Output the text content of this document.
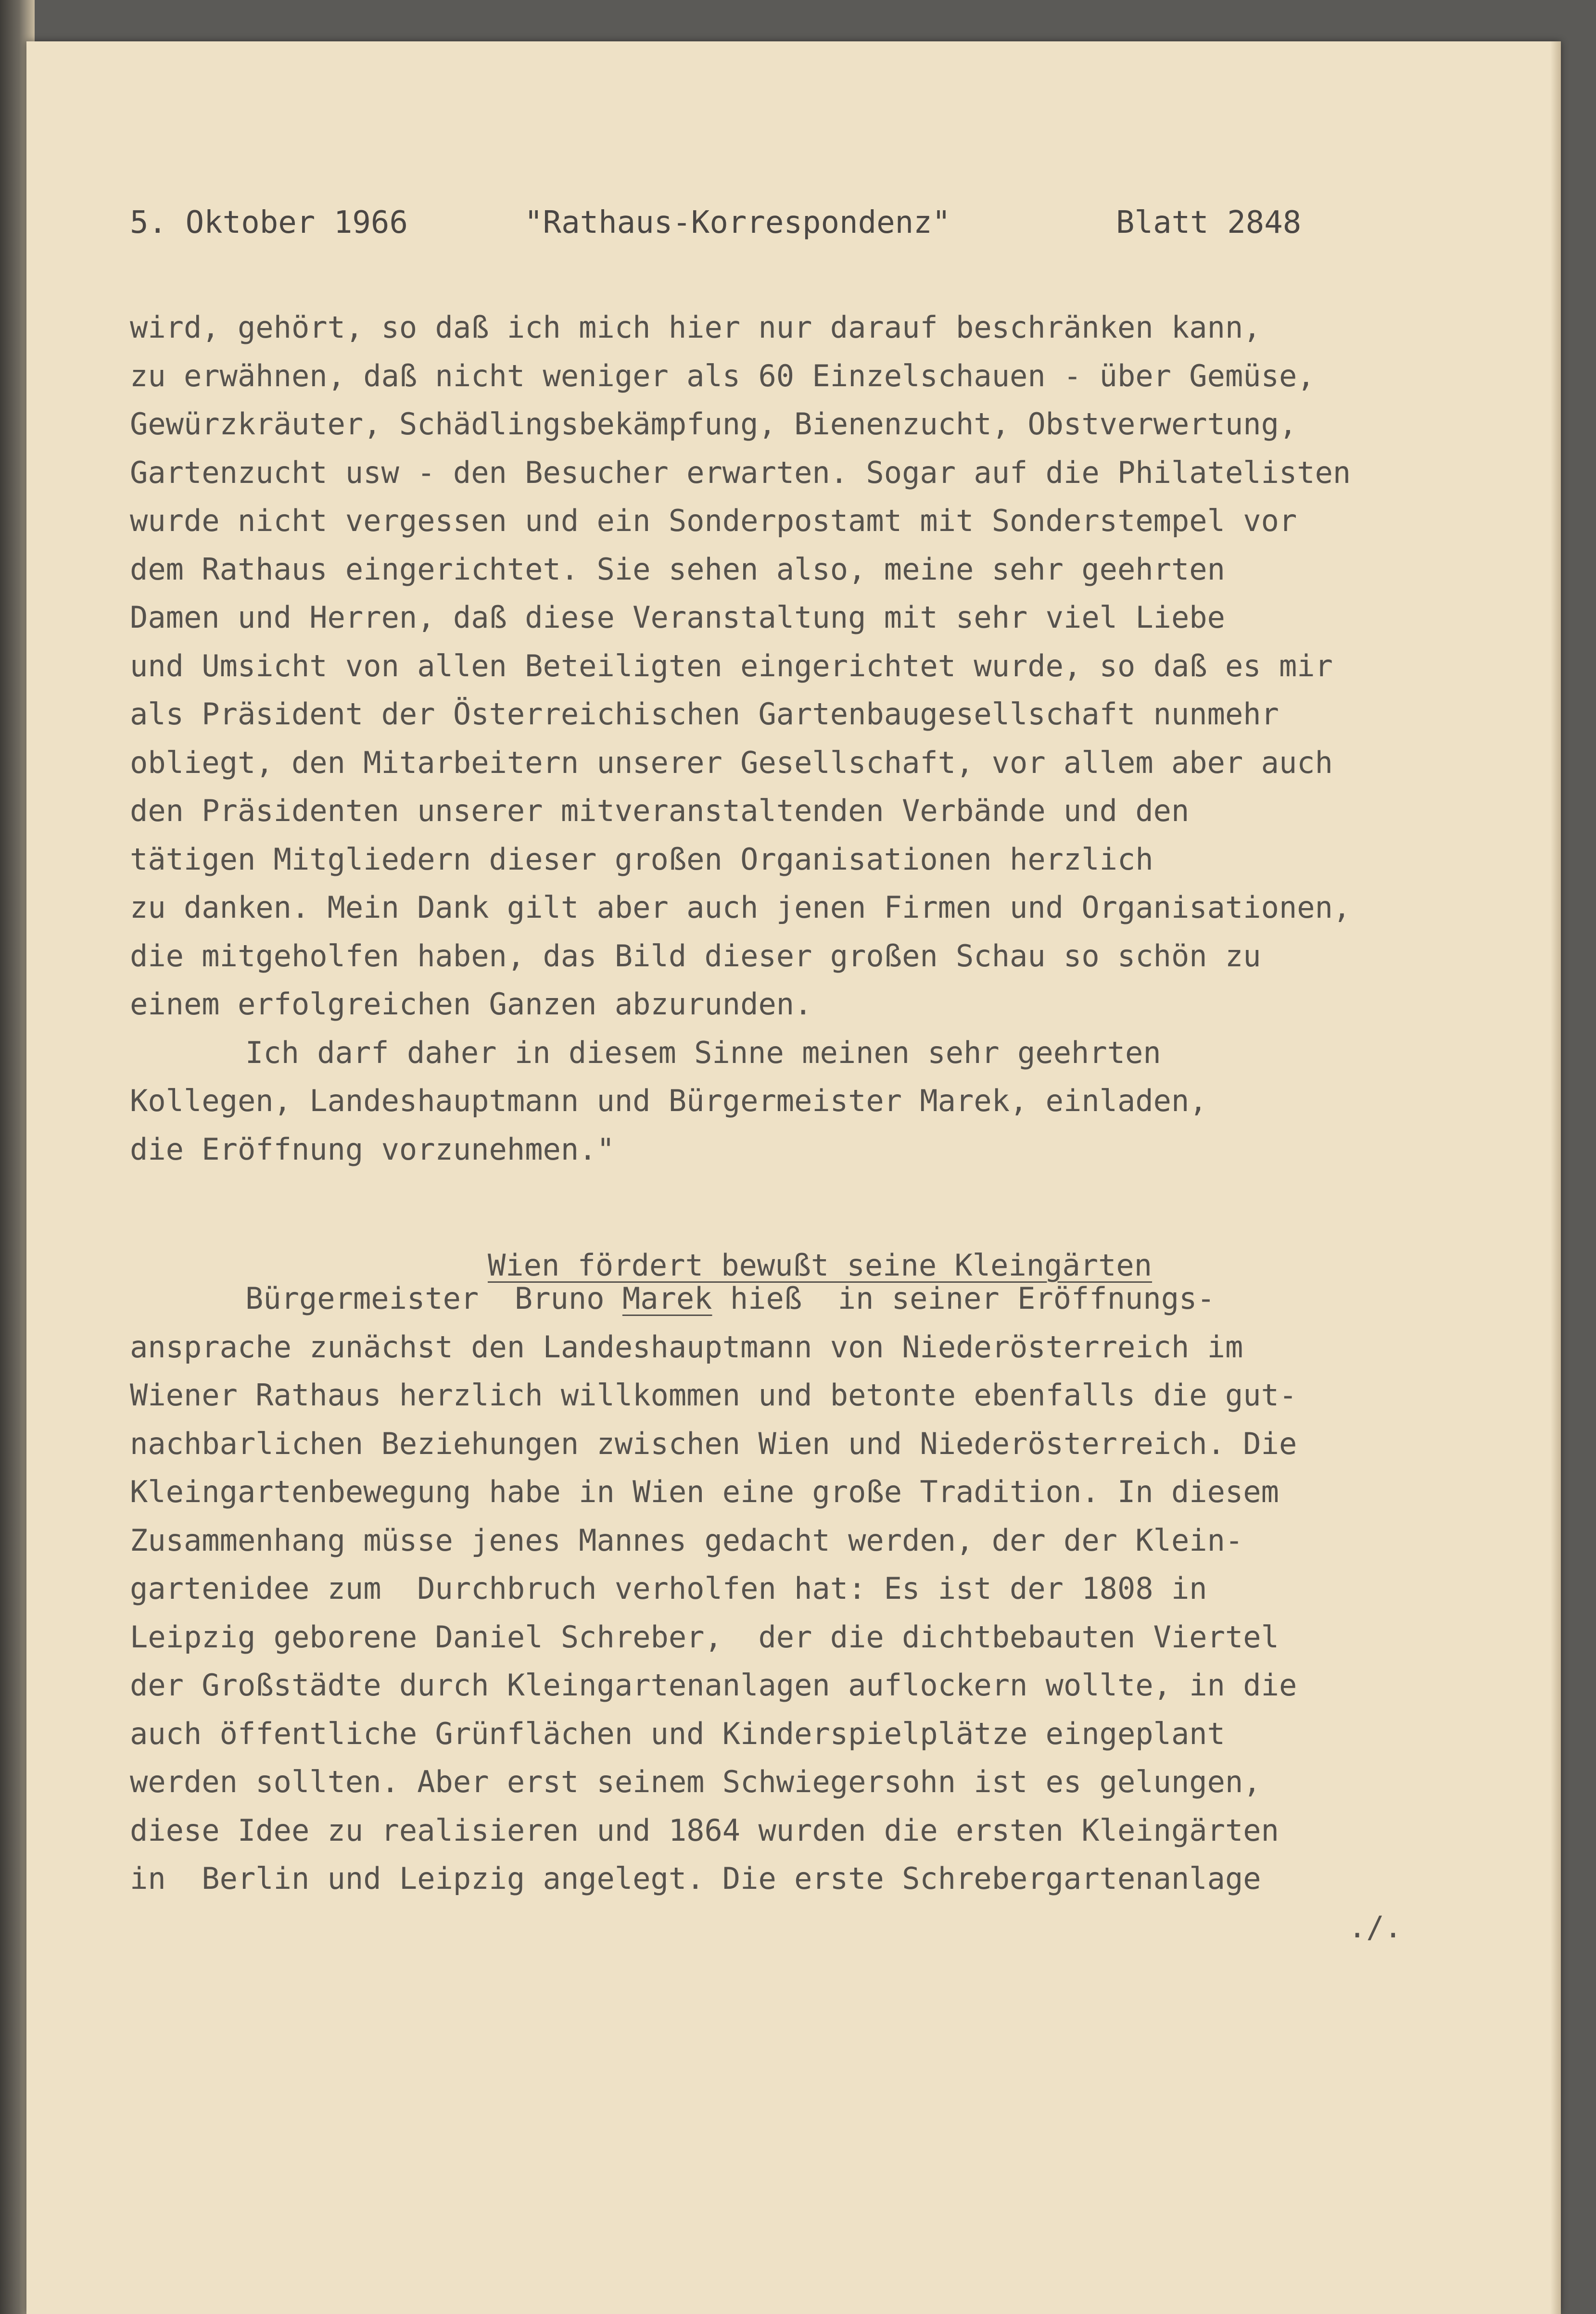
5. Oktober 1966	"Rathaus-Korrespondenz"	Blatt 2848
wird, gehört, so daß ich mich hier nur darauf beschränken kann,
zu erwähnen, daß nicht weniger als 60 Einzelschauen - über Gemüse,
Gewürzkräuter, Schädlingsbekämpfung, Bienenzucht, Obstverwertung,
Gartenzucht usw - den Besucher erwarten. Sogar auf die Philatelisten
wurde nicht vergessen und ein Sonderpostamt mit Sonderstempel vor
dem Rathaus eingerichtet. Sie sehen also, meine sehr geehrten
Damen und Herren, daß diese Veranstaltung mit sehr viel Liebe
und Umsicht von allen Beteiligten eingerichtet wurde, so daß es mir
als Präsident der Österreichischen Gartenbaugesellschaft nunmehr
obliegt, den Mitarbeitern unserer Gesellschaft, vor allem aber auch
den Präsidenten unserer mitveranstaltenden Verbände und den
tätigen Mitgliedern dieser großen Organisationen herzlich
zu danken. Mein Dank gilt aber auch jenen Firmen und Organisationen,
die mitgeholfen haben, das Bild dieser großen Schau so schön zu
einem erfolgreichen Ganzen abzurunden.
Ich darf daher in diesem Sinne meinen sehr geehrten
Kollegen, Landeshauptmann und Bürgermeister Marek, einladen,
die Eröffnung vorzunehmen."

Wien fördert bewußt seine Kleingärten

Bürgermeister  Bruno Marek hieß  in seiner Eröffnungs-
ansprache zunächst den Landeshauptmann von Niederösterreich im
Wiener Rathaus herzlich willkommen und betonte ebenfalls die gut-
nachbarlichen Beziehungen zwischen Wien und Niederösterreich. Die
Kleingartenbewegung habe in Wien eine große Tradition. In diesem
Zusammenhang müsse jenes Mannes gedacht werden, der der Klein-
gartenidee zum  Durchbruch verholfen hat: Es ist der 1808 in
Leipzig geborene Daniel Schreber,  der die dichtbebauten Viertel
der Großstädte durch Kleingartenanlagen auflockern wollte, in die
auch öffentliche Grünflächen und Kinderspielplätze eingeplant
werden sollten. Aber erst seinem Schwiegersohn ist es gelungen,
diese Idee zu realisieren und 1864 wurden die ersten Kleingärten
in  Berlin und Leipzig angelegt. Die erste Schrebergartenanlage
./.
